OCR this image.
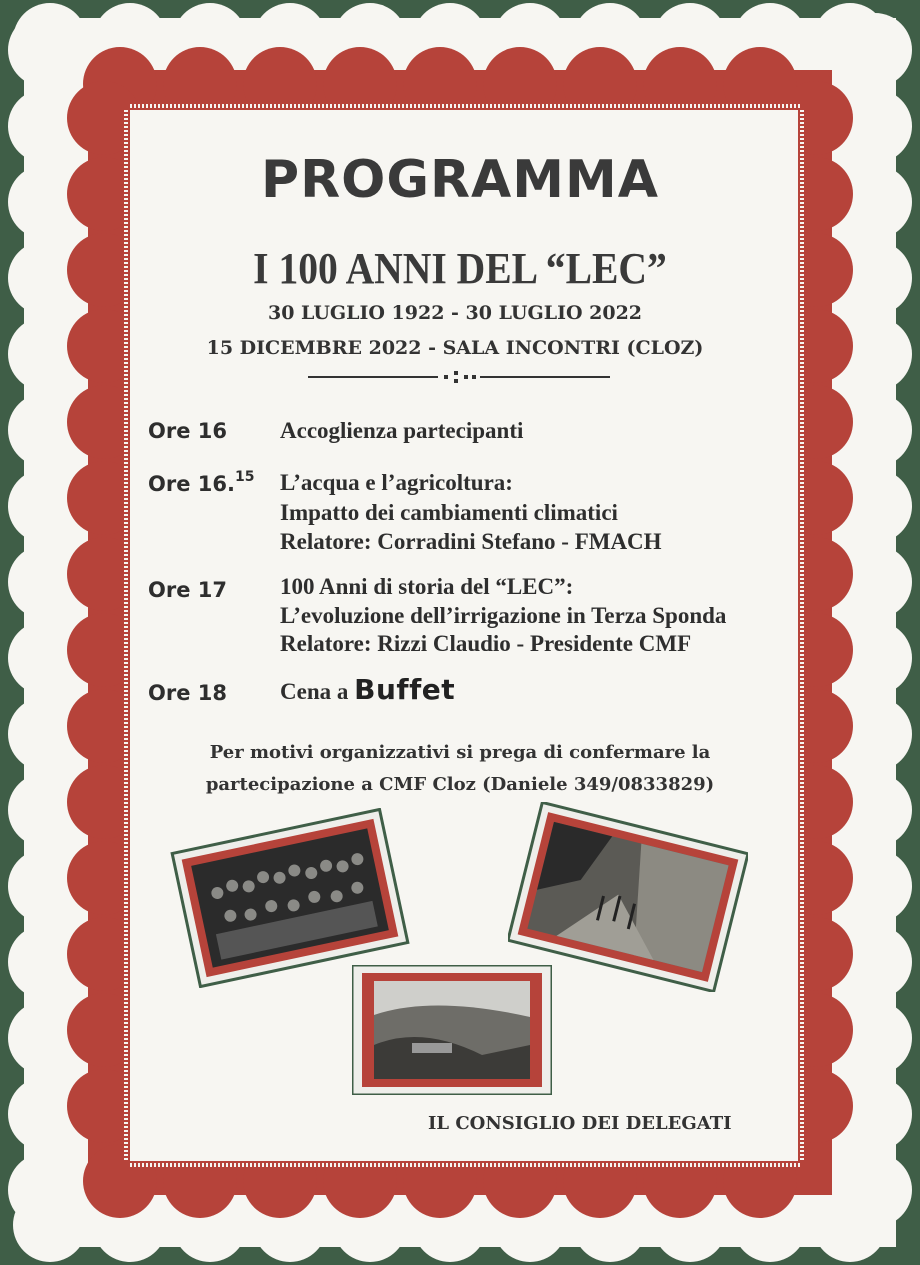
PROGRAMMA
I 100 ANNI DEL “LEC”
30 LUGLIO 1922 - 30 LUGLIO 2022
15 DICEMBRE 2022 - SALA INCONTRI (CLOZ)
Ore 16 Accoglienza partecipanti
Ore 16.15 L’acqua e l’agricoltura:
Impatto dei cambiamenti climatici
Relatore: Corradini Stefano - FMACH
Ore 17 100 Anni di storia del “LEC”:
L’evoluzione dell’irrigazione in Terza Sponda
Relatore: Rizzi Claudio - Presidente CMF
Ore 18 Cena a Buffet
Per motivi organizzativi si prega di confermare la
partecipazione a CMF Cloz (Daniele 349/0833829)
IL CONSIGLIO DEI DELEGATI
